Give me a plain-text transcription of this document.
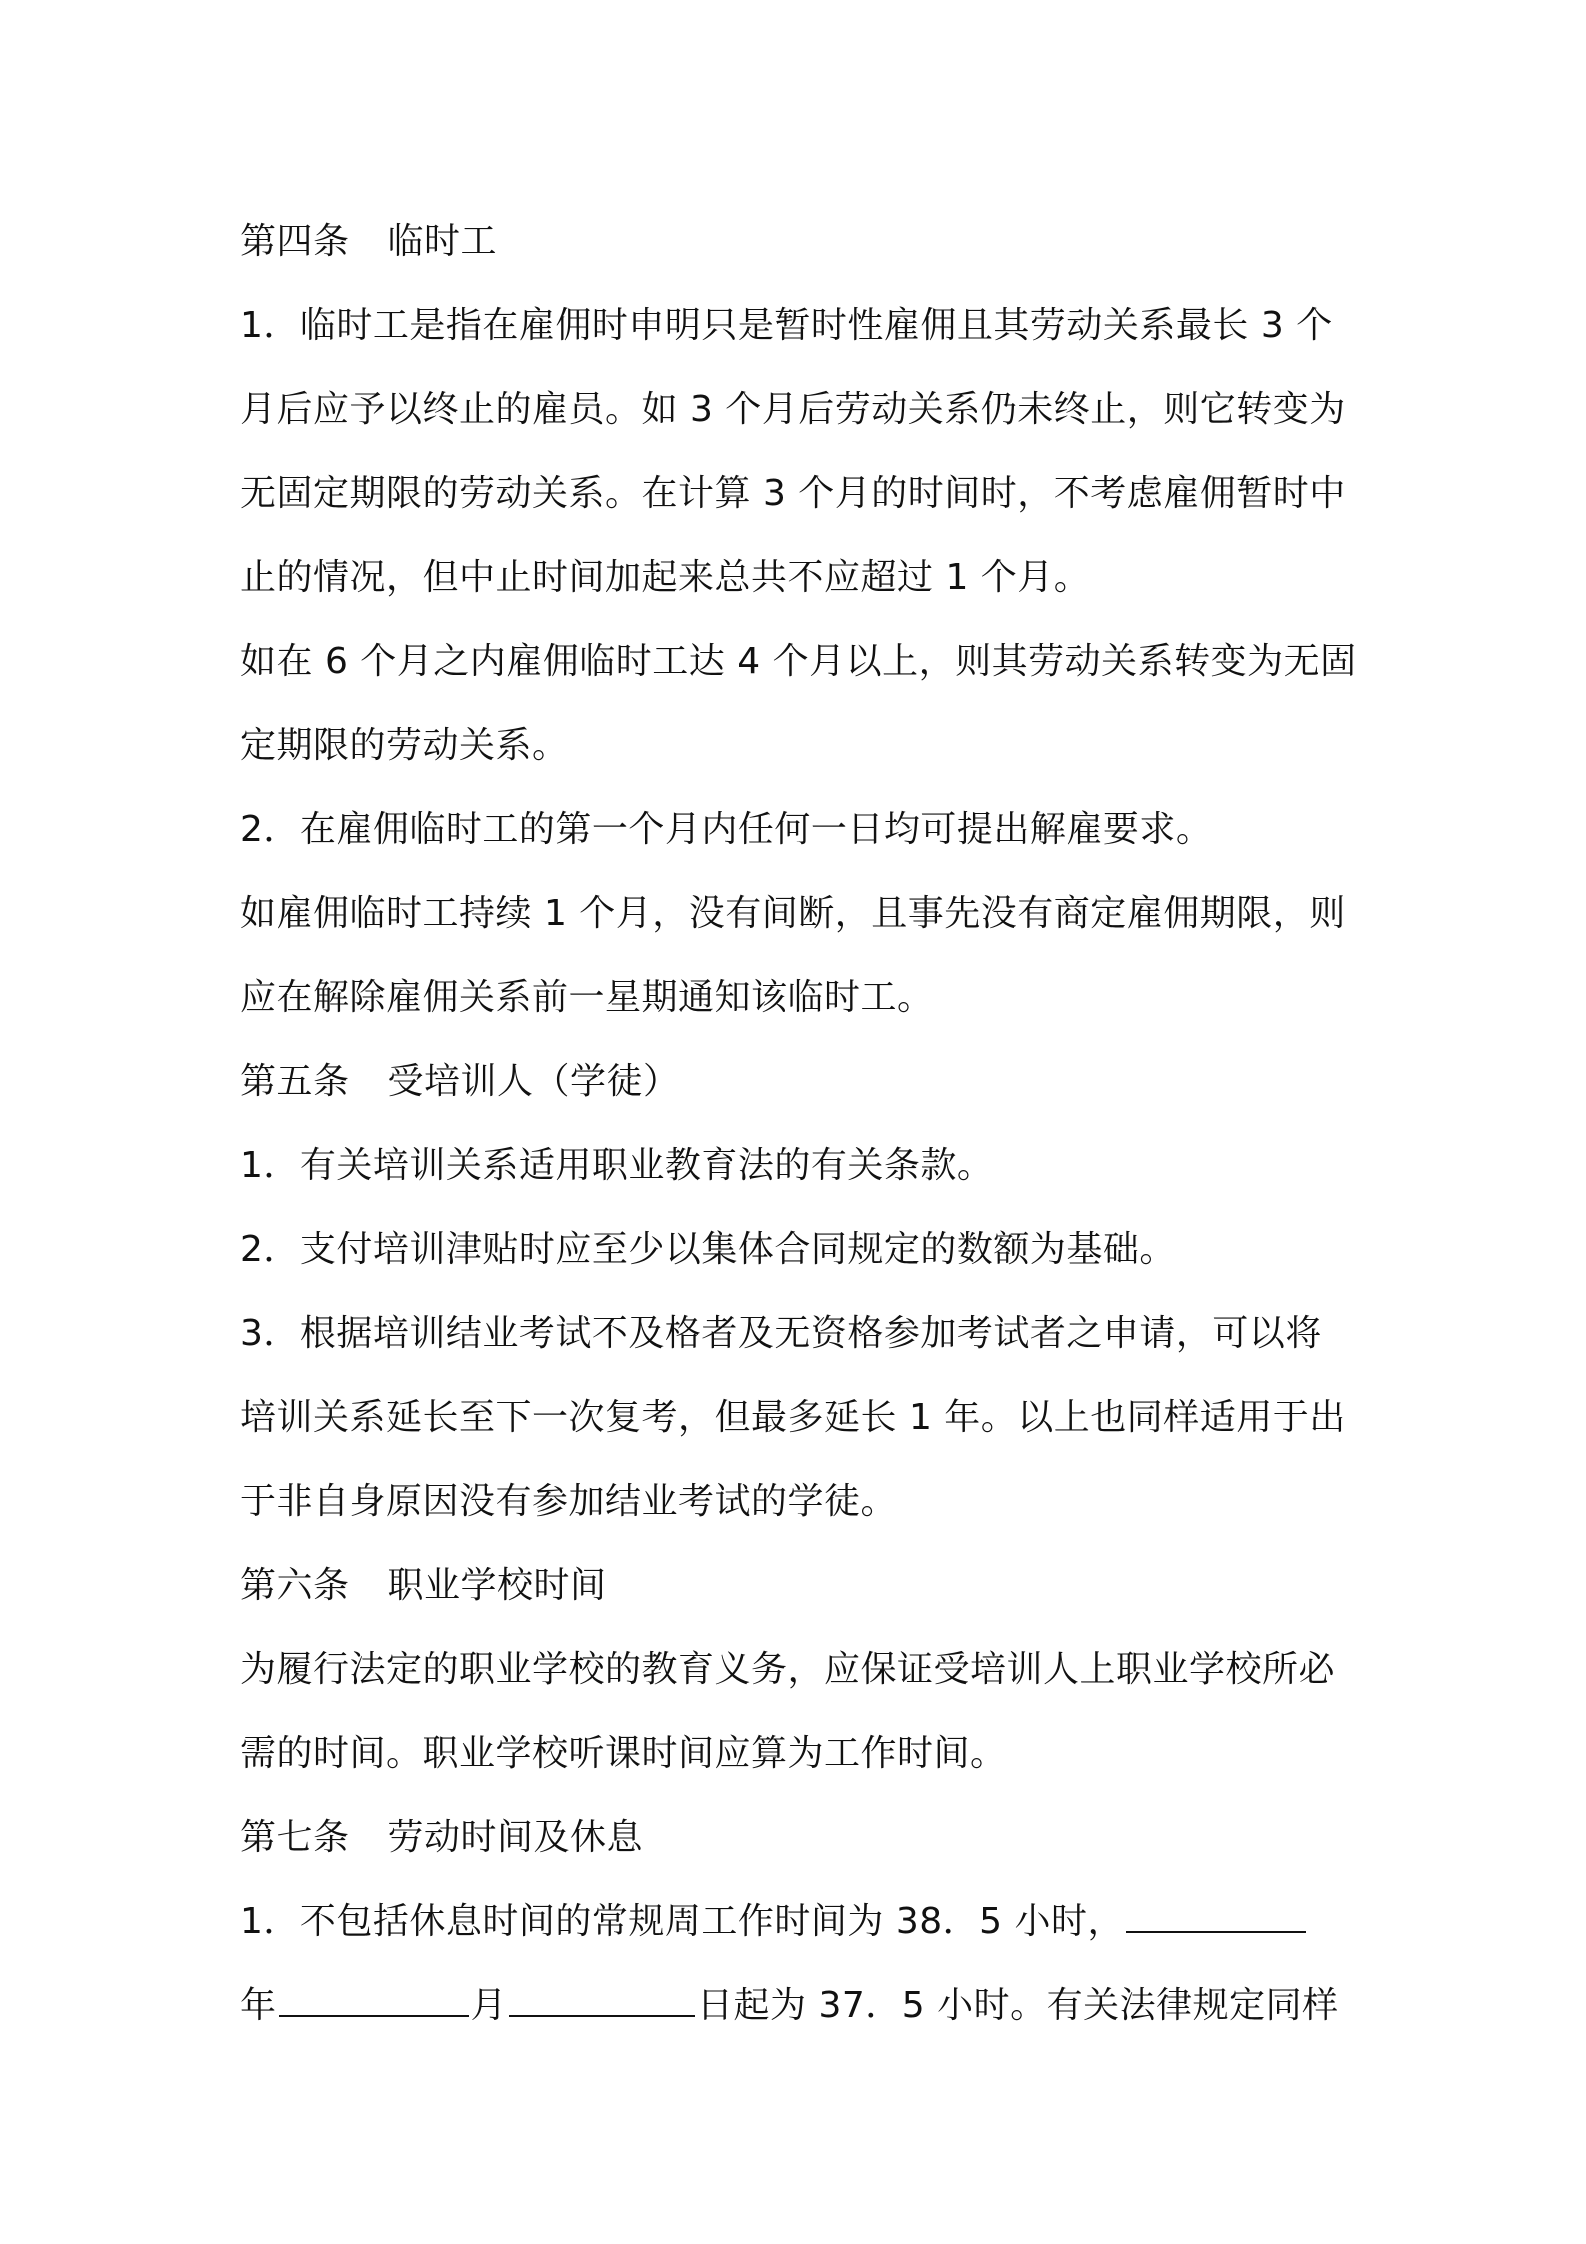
第四条 临时工
1．临时工是指在雇佣时申明只是暂时性雇佣且其劳动关系最长 3 个
月后应予以终止的雇员。如 3 个月后劳动关系仍未终止，则它转变为
无固定期限的劳动关系。在计算 3 个月的时间时，不考虑雇佣暂时中
止的情况，但中止时间加起来总共不应超过 1 个月。
如在 6 个月之内雇佣临时工达 4 个月以上，则其劳动关系转变为无固
定期限的劳动关系。
2．在雇佣临时工的第一个月内任何一日均可提出解雇要求。
如雇佣临时工持续 1 个月，没有间断，且事先没有商定雇佣期限，则
应在解除雇佣关系前一星期通知该临时工。
第五条 受培训人（学徒）
1．有关培训关系适用职业教育法的有关条款。
2．支付培训津贴时应至少以集体合同规定的数额为基础。
3．根据培训结业考试不及格者及无资格参加考试者之申请，可以将
培训关系延长至下一次复考，但最多延长 1 年。以上也同样适用于出
于非自身原因没有参加结业考试的学徒。
第六条 职业学校时间
为履行法定的职业学校的教育义务，应保证受培训人上职业学校所必
需的时间。职业学校听课时间应算为工作时间。
第七条 劳动时间及休息
1．不包括休息时间的常规周工作时间为 38．5 小时，
年	月	日起为 37．5 小时。有关法律规定同样
